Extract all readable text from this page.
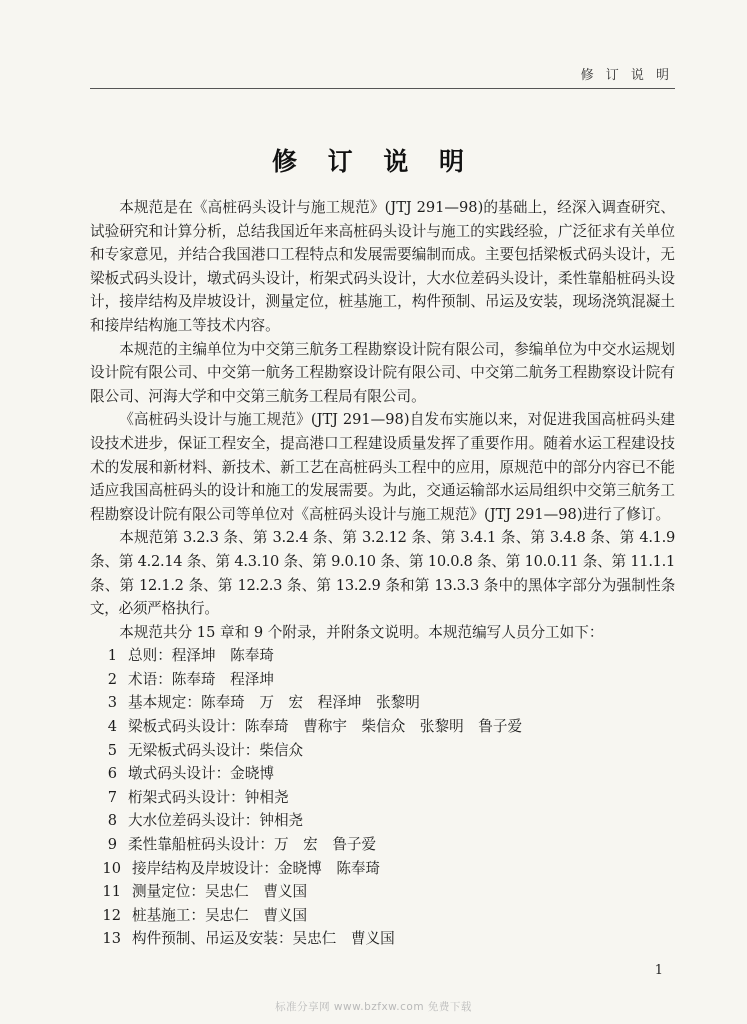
修 订 说 明
修 订 说 明

本规范是在《高桩码头设计与施工规范》(JTJ 291—98)的基础上，经深入调查研究、试验研究和计算分析，总结我国近年来高桩码头设计与施工的实践经验，广泛征求有关单位和专家意见，并结合我国港口工程特点和发展需要编制而成。主要包括梁板式码头设计，无梁板式码头设计，墩式码头设计，桁架式码头设计，大水位差码头设计，柔性靠船桩码头设计，接岸结构及岸坡设计，测量定位，桩基施工，构件预制、吊运及安装，现场浇筑混凝土和接岸结构施工等技术内容。

本规范的主编单位为中交第三航务工程勘察设计院有限公司，参编单位为中交水运规划设计院有限公司、中交第一航务工程勘察设计院有限公司、中交第二航务工程勘察设计院有限公司、河海大学和中交第三航务工程局有限公司。

《高桩码头设计与施工规范》(JTJ 291—98)自发布实施以来，对促进我国高桩码头建设技术进步，保证工程安全，提高港口工程建设质量发挥了重要作用。随着水运工程建设技术的发展和新材料、新技术、新工艺在高桩码头工程中的应用，原规范中的部分内容已不能适应我国高桩码头的设计和施工的发展需要。为此，交通运输部水运局组织中交第三航务工程勘察设计院有限公司等单位对《高桩码头设计与施工规范》(JTJ 291—98)进行了修订。

本规范第 3.2.3 条、第 3.2.4 条、第 3.2.12 条、第 3.4.1 条、第 3.4.8 条、第 4.1.9 条、第 4.2.14 条、第 4.3.10 条、第 9.0.10 条、第 10.0.8 条、第 10.0.11 条、第 11.1.1 条、第 12.1.2 条、第 12.2.3 条、第 13.2.9 条和第 13.3.3 条中的黑体字部分为强制性条文，必须严格执行。

本规范共分 15 章和 9 个附录，并附条文说明。本规范编写人员分工如下：

1 总则：程泽坤　陈奉琦
2 术语：陈奉琦　程泽坤
3 基本规定：陈奉琦　万　宏　程泽坤　张黎明
4 梁板式码头设计：陈奉琦　曹称宇　柴信众　张黎明　鲁子爱
5 无梁板式码头设计：柴信众
6 墩式码头设计：金晓博
7 桁架式码头设计：钟相尧
8 大水位差码头设计：钟相尧
9 柔性靠船桩码头设计：万　宏　鲁子爱
10 接岸结构及岸坡设计：金晓博　陈奉琦
11 测量定位：吴忠仁　曹义国
12 桩基施工：吴忠仁　曹义国
13 构件预制、吊运及安装：吴忠仁　曹义国
1
标准分享网 www.bzfxw.com 免费下载
